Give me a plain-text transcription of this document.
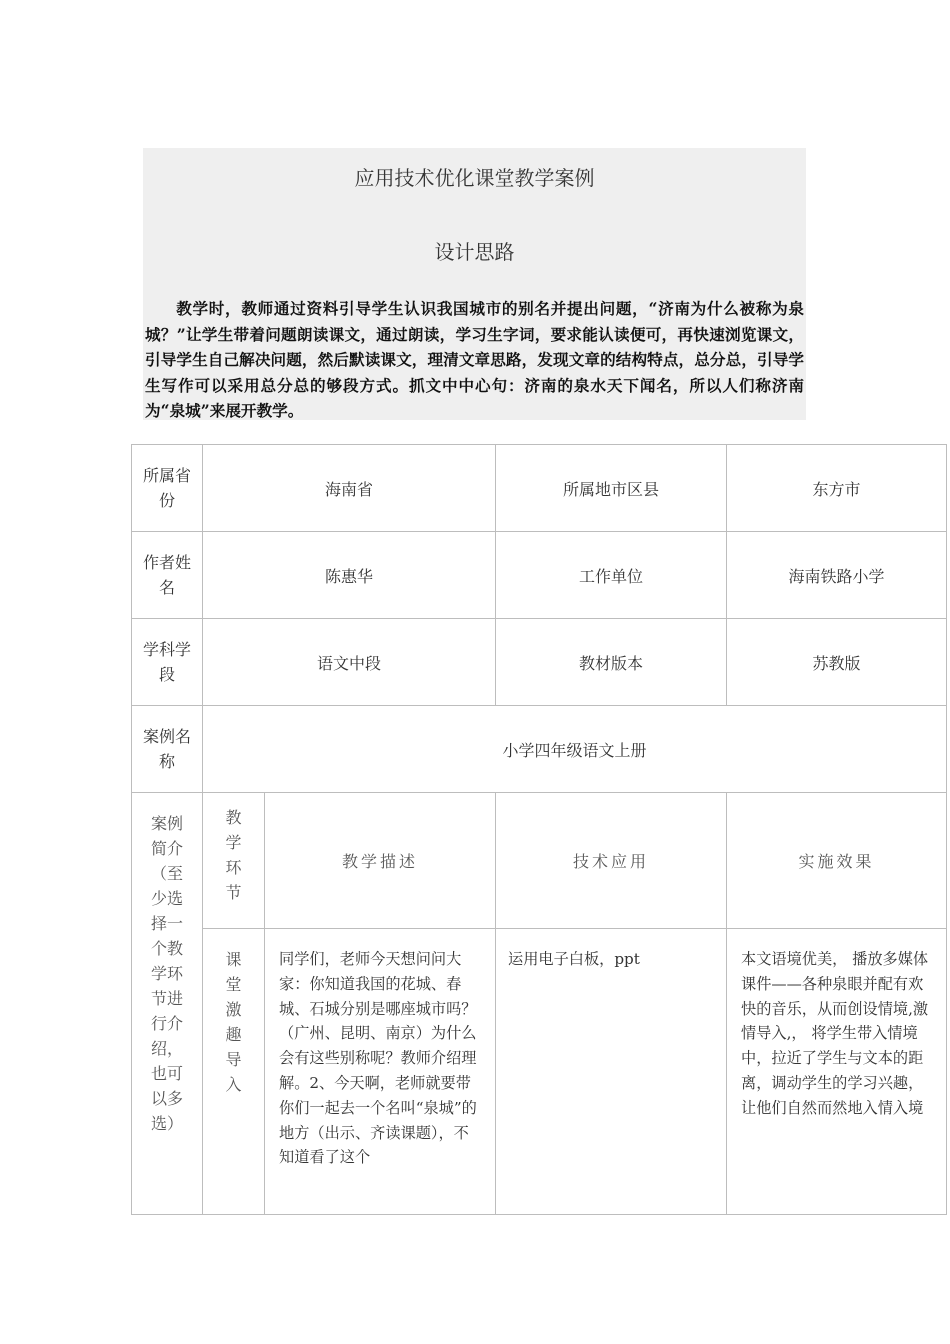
应用技术优化课堂教学案例
设计思路
教学时，教师通过资料引导学生认识我国城市的别名并提出问题，“济南为什么被称为泉城？”让学生带着问题朗读课文，通过朗读，学习生字词，要求能认读便可，再快速浏览课文，引导学生自己解决问题，然后默读课文，理清文章思路，发现文章的结构特点，总分总，引导学生写作可以采用总分总的够段方式。抓文中中心句：济南的泉水天下闻名，所以人们称济南为“泉城”来展开教学。
所属省份	海南省		所属地市区县	东方市
作者姓名	陈惠华		工作单位	海南铁路小学
学科学段	语文中段		教材版本	苏教版
案例名称	小学四年级语文上册			
案例简介（至少选择一个教学环节进行介绍，也可以多选）	教学环节	教学描述	技术应用	实施效果
	课堂激趣导入	同学们，老师今天想问问大家：你知道我国的花城、春城、石城分别是哪座城市吗？（广州、昆明、南京）为什么会有这些别称呢？教师介绍理解。2、今天啊，老师就要带你们一起去一个名叫“泉城”的地方（出示、齐读课题），不知道看了这个	运用电子白板，ppt	本文语境优美， 播放多媒体课件——各种泉眼并配有欢快的音乐，从而创设情境,激情导入,， 将学生带入情境中，拉近了学生与文本的距离，调动学生的学习兴趣，让他们自然而然地入情入境
